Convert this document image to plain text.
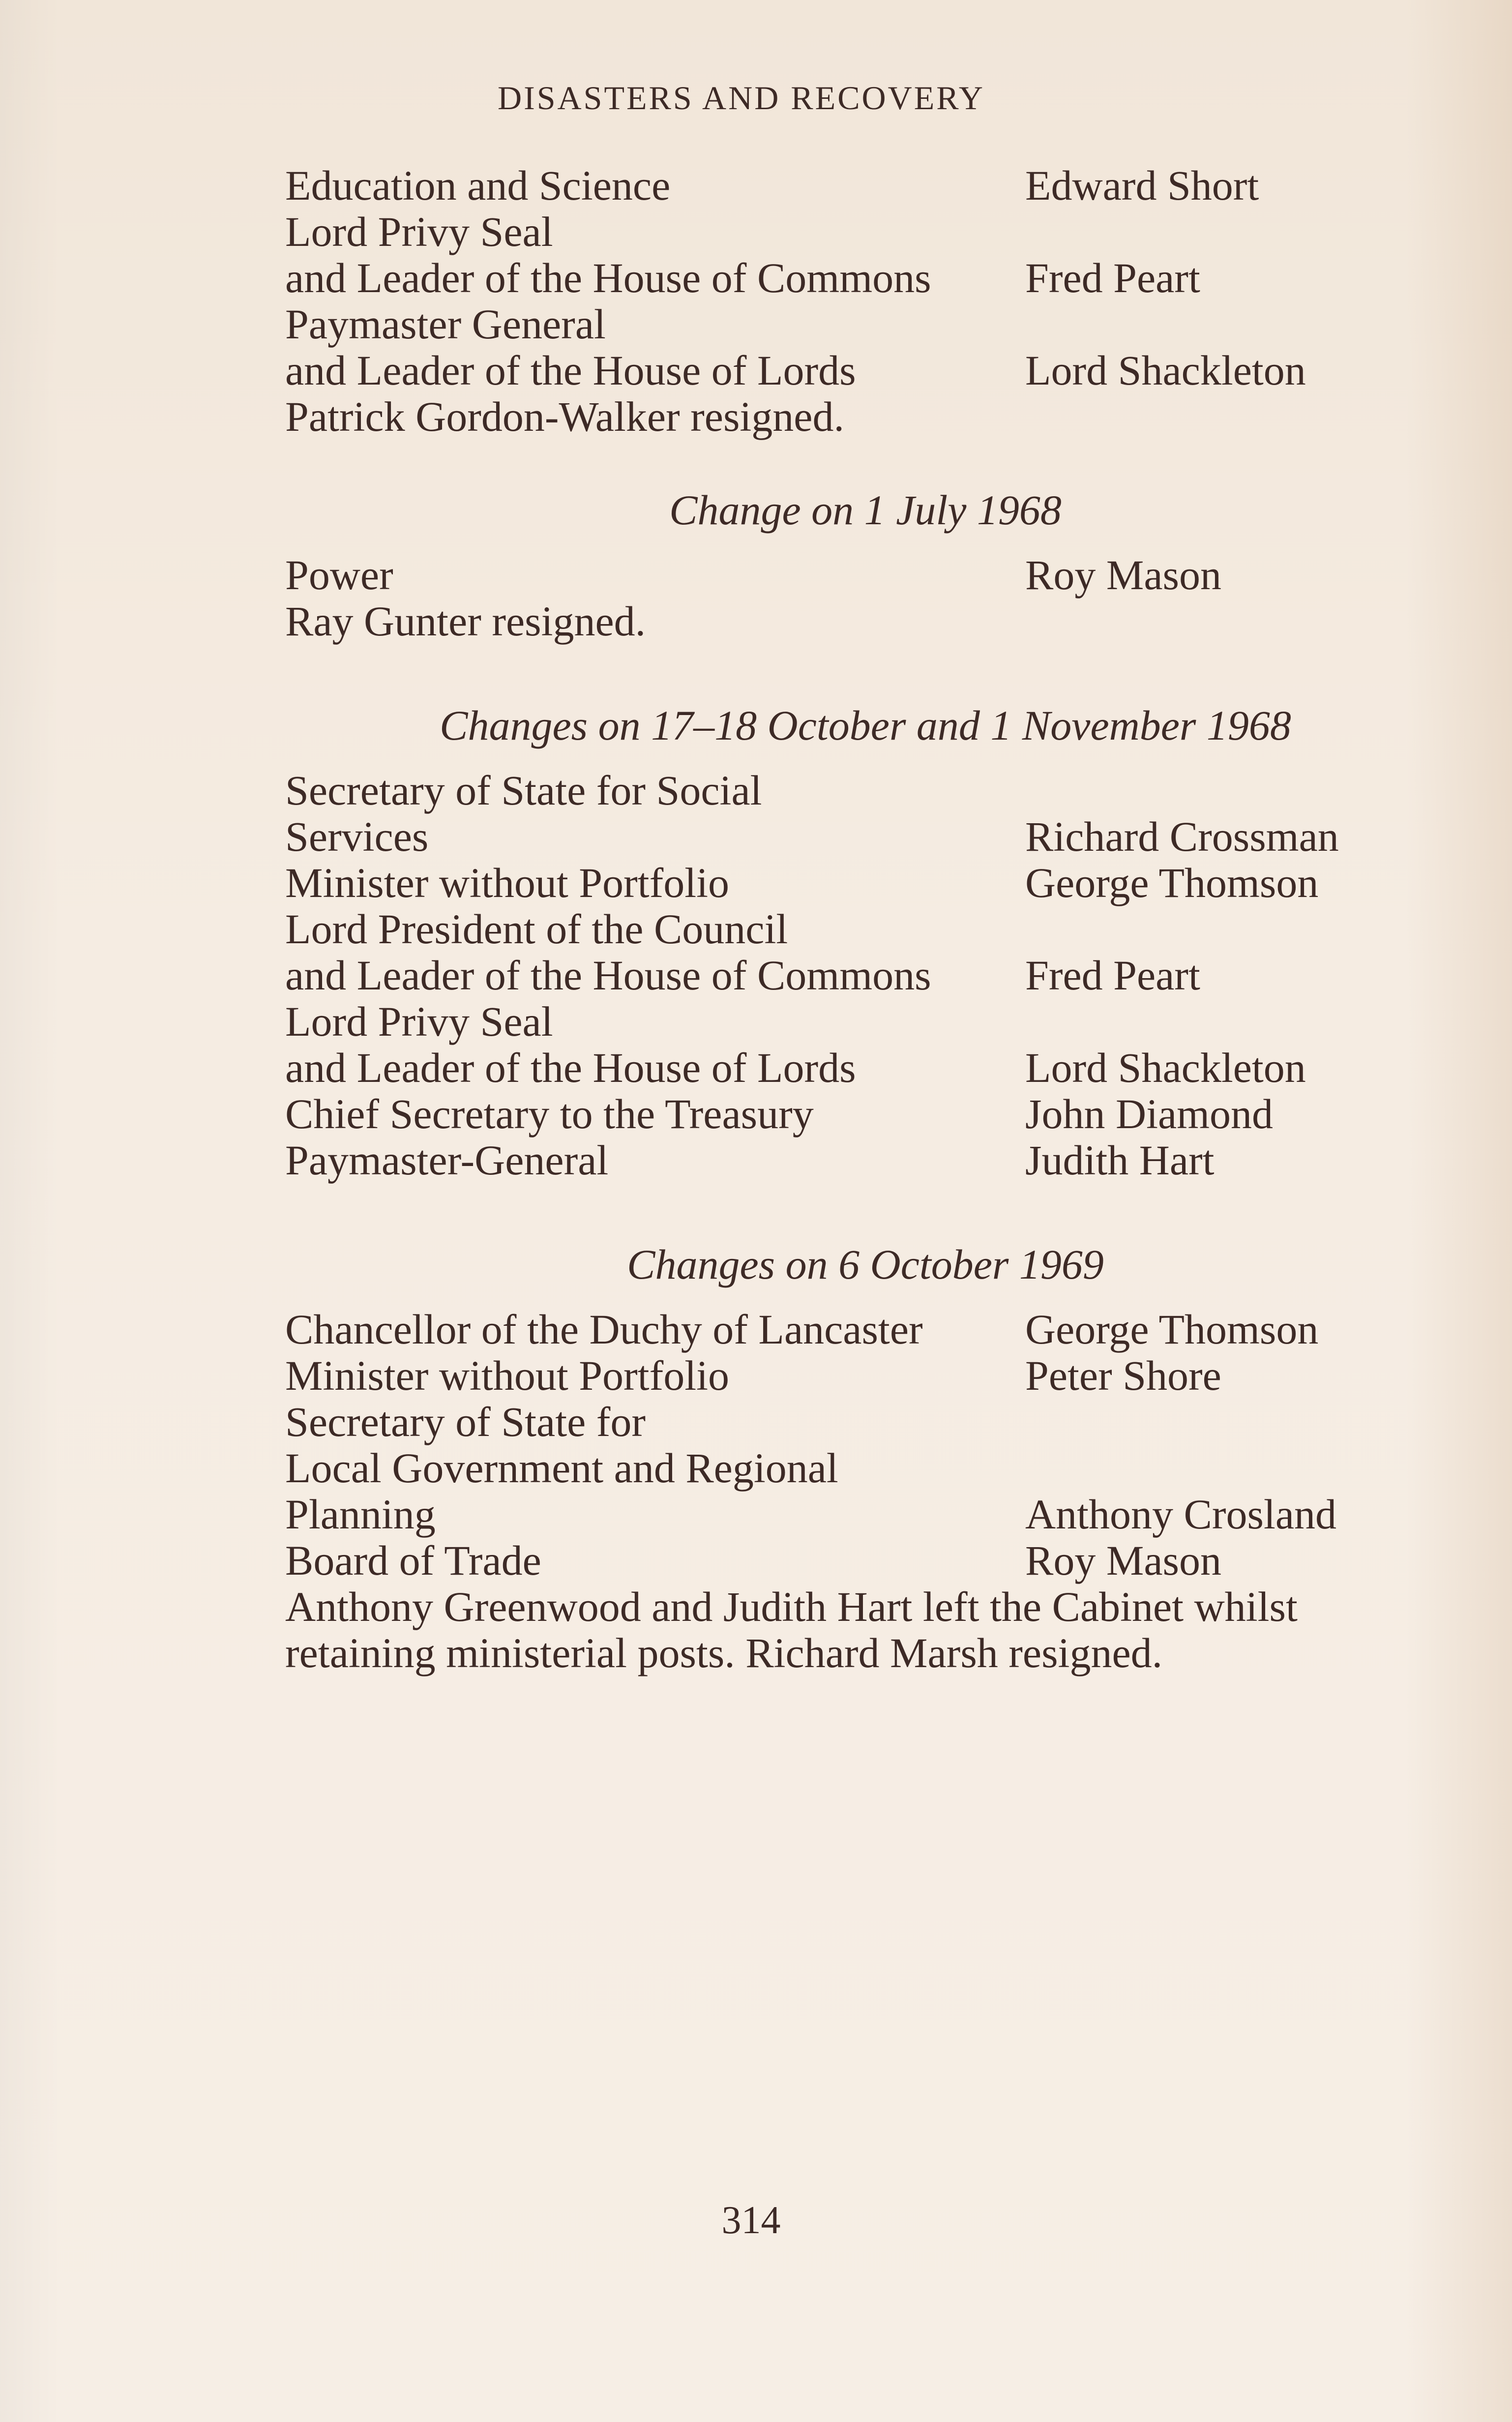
DISASTERS AND RECOVERY
Education and Science	Edward Short
Lord Privy Seal
and Leader of the House of Commons	Fred Peart
Paymaster General
and Leader of the House of Lords	Lord Shackleton
Patrick Gordon-Walker resigned.
Change on 1 July 1968
Power	Roy Mason
Ray Gunter resigned.
Changes on 17–18 October and 1 November 1968
Secretary of State for Social
Services	Richard Crossman
Minister without Portfolio	George Thomson
Lord President of the Council
and Leader of the House of Commons	Fred Peart
Lord Privy Seal
and Leader of the House of Lords	Lord Shackleton
Chief Secretary to the Treasury	John Diamond
Paymaster-General	Judith Hart
Changes on 6 October 1969
Chancellor of the Duchy of Lancaster	George Thomson
Minister without Portfolio	Peter Shore
Secretary of State for
Local Government and Regional
Planning	Anthony Crosland
Board of Trade	Roy Mason
Anthony Greenwood and Judith Hart left the Cabinet whilst retaining ministerial posts. Richard Marsh resigned.
314
